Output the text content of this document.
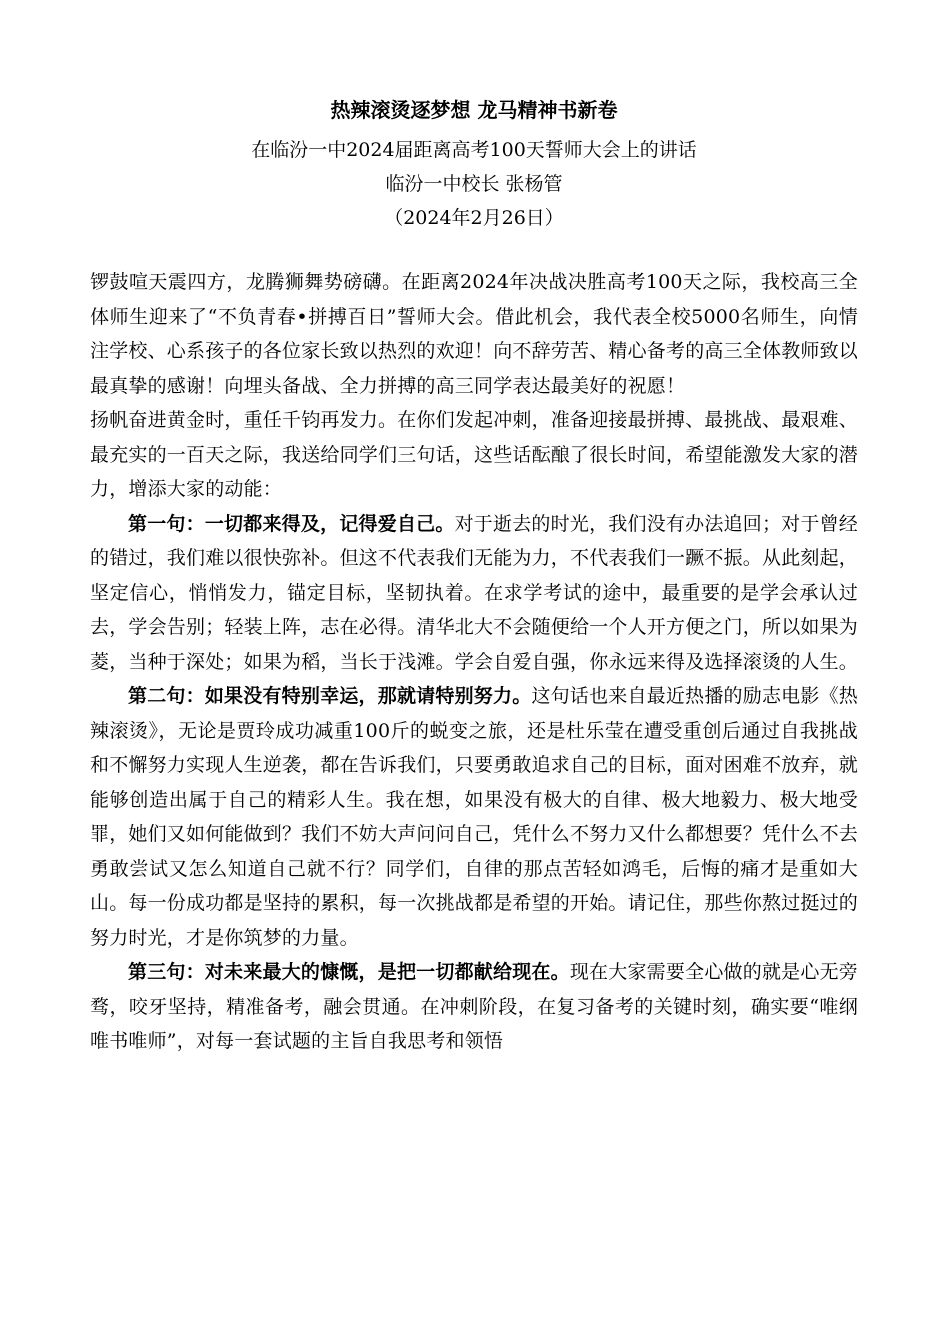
热辣滚烫逐梦想 龙马精神书新卷

在临汾一中2024届距离高考100天誓师大会上的讲话

临汾一中校长 张杨管

（2024年2月26日）

锣鼓喧天震四方，龙腾狮舞势磅礴。在距离2024年决战决胜高考100天之际，我校高三全体师生迎来了“不负青春•拼搏百日”誓师大会。借此机会，我代表全校5000名师生，向情注学校、心系孩子的各位家长致以热烈的欢迎！向不辞劳苦、精心备考的高三全体教师致以最真挚的感谢！向埋头备战、全力拼搏的高三同学表达最美好的祝愿！

扬帆奋进黄金时，重任千钧再发力。在你们发起冲刺，准备迎接最拼搏、最挑战、最艰难、最充实的一百天之际，我送给同学们三句话，这些话酝酿了很长时间，希望能激发大家的潜力，增添大家的动能：

第一句：一切都来得及，记得爱自己。对于逝去的时光，我们没有办法追回；对于曾经的错过，我们难以很快弥补。但这不代表我们无能为力，不代表我们一蹶不振。从此刻起，坚定信心，悄悄发力，锚定目标，坚韧执着。在求学考试的途中，最重要的是学会承认过去，学会告别；轻装上阵，志在必得。清华北大不会随便给一个人开方便之门，所以如果为菱，当种于深处；如果为稻，当长于浅滩。学会自爱自强，你永远来得及选择滚烫的人生。

第二句：如果没有特别幸运，那就请特别努力。这句话也来自最近热播的励志电影《热辣滚烫》，无论是贾玲成功减重100斤的蜕变之旅，还是杜乐莹在遭受重创后通过自我挑战和不懈努力实现人生逆袭，都在告诉我们，只要勇敢追求自己的目标，面对困难不放弃，就能够创造出属于自己的精彩人生。我在想，如果没有极大的自律、极大地毅力、极大地受罪，她们又如何能做到？我们不妨大声问问自己，凭什么不努力又什么都想要？凭什么不去勇敢尝试又怎么知道自己就不行？同学们，自律的那点苦轻如鸿毛，后悔的痛才是重如大山。每一份成功都是坚持的累积，每一次挑战都是希望的开始。请记住，那些你熬过挺过的努力时光，才是你筑梦的力量。

第三句：对未来最大的慷慨，是把一切都献给现在。现在大家需要全心做的就是心无旁骛，咬牙坚持，精准备考，融会贯通。在冲刺阶段，在复习备考的关键时刻，确实要“唯纲唯书唯师”，对每一套试题的主旨自我思考和领悟
